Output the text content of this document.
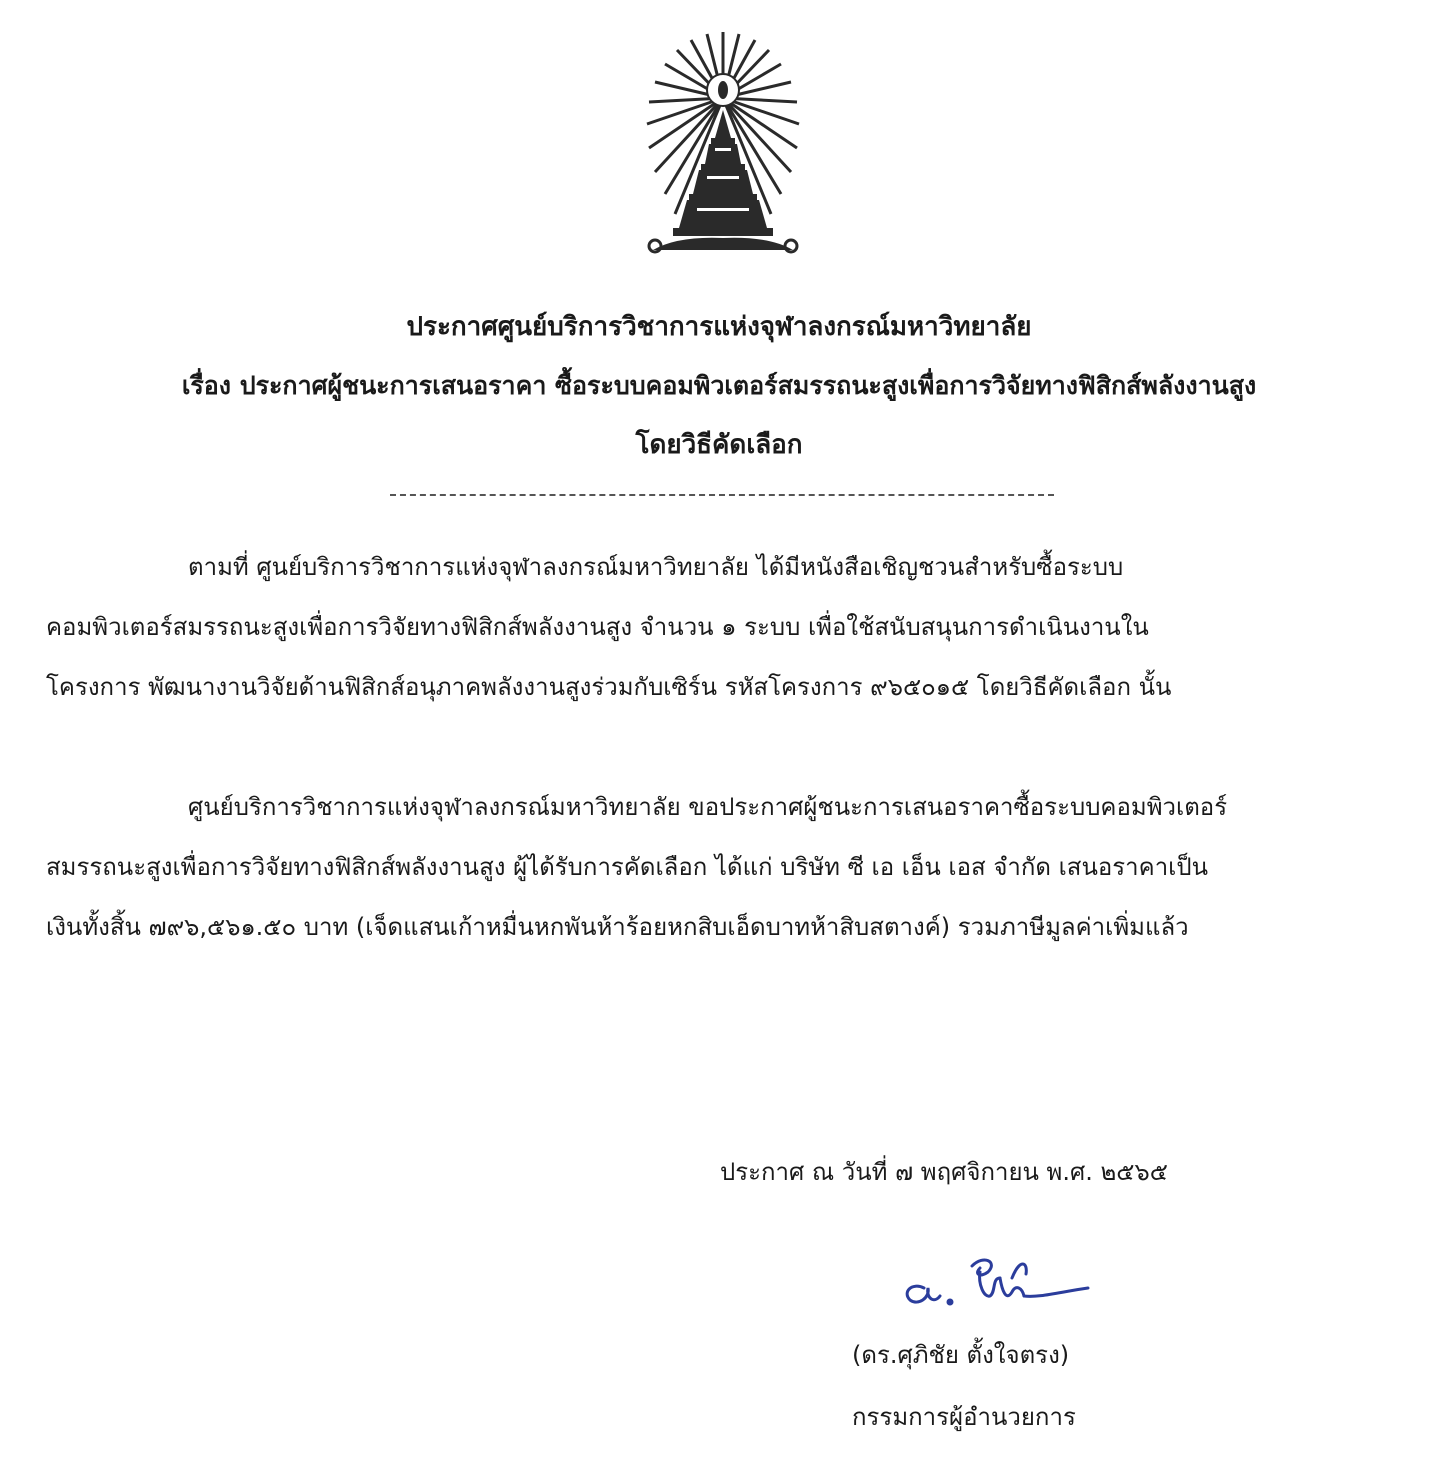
ประกาศศูนย์บริการวิชาการแห่งจุฬาลงกรณ์มหาวิทยาลัย
เรื่อง ประกาศผู้ชนะการเสนอราคา ซื้อระบบคอมพิวเตอร์สมรรถนะสูงเพื่อการวิจัยทางฟิสิกส์พลังงานสูง
โดยวิธีคัดเลือก
ตามที่ ศูนย์บริการวิชาการแห่งจุฬาลงกรณ์มหาวิทยาลัย ได้มีหนังสือเชิญชวนสำหรับซื้อระบบ
คอมพิวเตอร์สมรรถนะสูงเพื่อการวิจัยทางฟิสิกส์พลังงานสูง จำนวน ๑ ระบบ เพื่อใช้สนับสนุนการดำเนินงานใน
โครงการ พัฒนางานวิจัยด้านฟิสิกส์อนุภาคพลังงานสูงร่วมกับเซิร์น รหัสโครงการ ๙๖๕๐๑๕ โดยวิธีคัดเลือก นั้น
ศูนย์บริการวิชาการแห่งจุฬาลงกรณ์มหาวิทยาลัย ขอประกาศผู้ชนะการเสนอราคาซื้อระบบคอมพิวเตอร์
สมรรถนะสูงเพื่อการวิจัยทางฟิสิกส์พลังงานสูง ผู้ได้รับการคัดเลือก ได้แก่ บริษัท ซี เอ เอ็น เอส จำกัด เสนอราคาเป็น
เงินทั้งสิ้น ๗๙๖,๕๖๑.๕๐ บาท (เจ็ดแสนเก้าหมื่นหกพันห้าร้อยหกสิบเอ็ดบาทห้าสิบสตางค์) รวมภาษีมูลค่าเพิ่มแล้ว
ประกาศ ณ วันที่ ๗ พฤศจิกายน พ.ศ. ๒๕๖๕
(ดร.ศุภิชัย ตั้งใจตรง)
กรรมการผู้อำนวยการ
